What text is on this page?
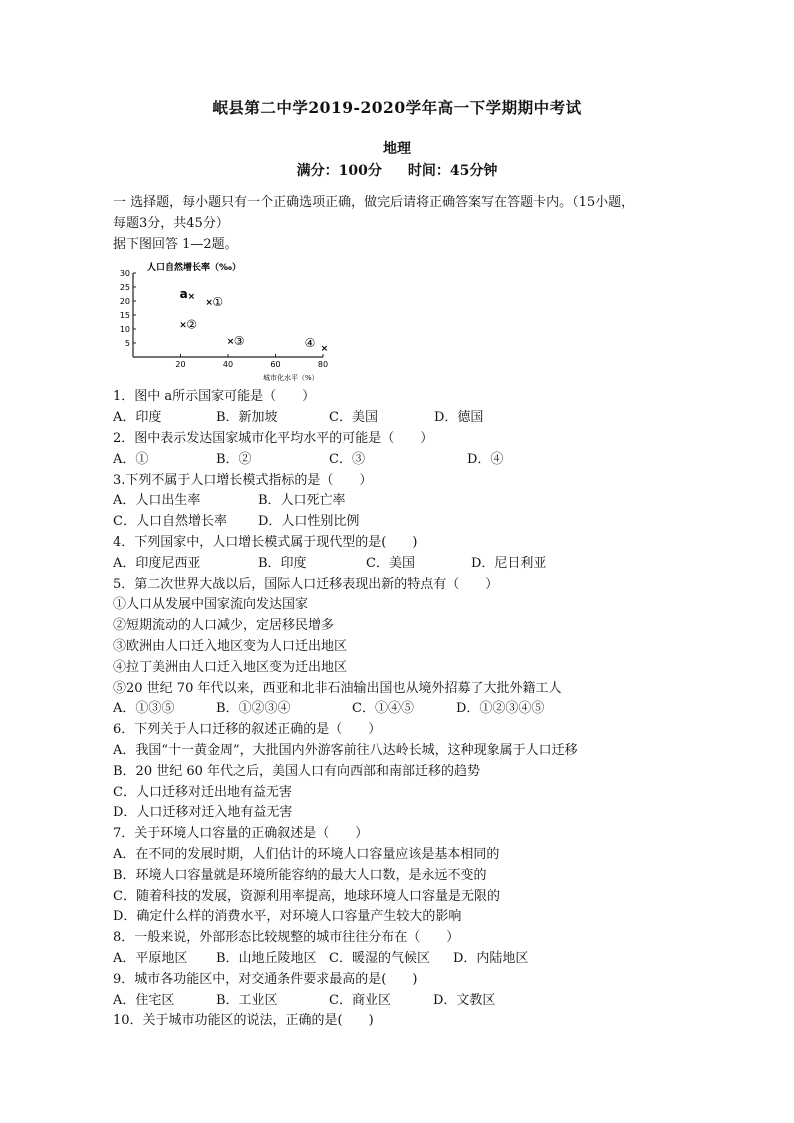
岷县第二中学2019-2020学年高一下学期期中考试
地理
满分：100分 时间：45分钟
一 选择题，每小题只有一个正确选项正确，做完后请将正确答案写在答题卡内。（15小题，
每题3分，共45分）
据下图回答 1—2题。
人口自然增长率（‰）
城市化水平（%）
30
25
20
15
10
5
20	40	60	80
a ×
× ①
× ②
× ③	④ ×
1．图中 a所示国家可能是（　　）
A．印度	B．新加坡	C．美国	D．德国
2．图中表示发达国家城市化平均水平的可能是（　　）
A．①	B．②	C．③	D．④
3.下列不属于人口增长模式指标的是（　　）
A．人口出生率	B．人口死亡率
C．人口自然增长率	D．人口性别比例
4．下列国家中，人口增长模式属于现代型的是(　　)
A．印度尼西亚	B．印度	C．美国	D．尼日利亚
5．第二次世界大战以后，国际人口迁移表现出新的特点有（　　）
①人口从发展中国家流向发达国家
②短期流动的人口减少，定居移民增多
③欧洲由人口迁入地区变为人口迁出地区
④拉丁美洲由人口迁入地区变为迁出地区
⑤20 世纪 70 年代以来，西亚和北非石油输出国也从境外招募了大批外籍工人
A．①③⑤	B．①②③④	C．①④⑤	D．①②③④⑤
6．下列关于人口迁移的叙述正确的是（　　）
A．我国“十一黄金周”，大批国内外游客前往八达岭长城，这种现象属于人口迁移
B．20 世纪 60 年代之后，美国人口有向西部和南部迁移的趋势
C．人口迁移对迁出地有益无害
D．人口迁移对迁入地有益无害
7．关于环境人口容量的正确叙述是（　　）
A．在不同的发展时期，人们估计的环境人口容量应该是基本相同的
B．环境人口容量就是环境所能容纳的最大人口数，是永远不变的
C．随着科技的发展，资源利用率提高，地球环境人口容量是无限的
D．确定什么样的消费水平，对环境人口容量产生较大的影响
8．一般来说，外部形态比较规整的城市往往分布在（　　）
A．平原地区	B．山地丘陵地区 C．暖湿的气候区	D．内陆地区
9．城市各功能区中，对交通条件要求最高的是(　　)
A．住宅区	B．工业区	C．商业区	D．文教区
10．关于城市功能区的说法，正确的是(　　)
